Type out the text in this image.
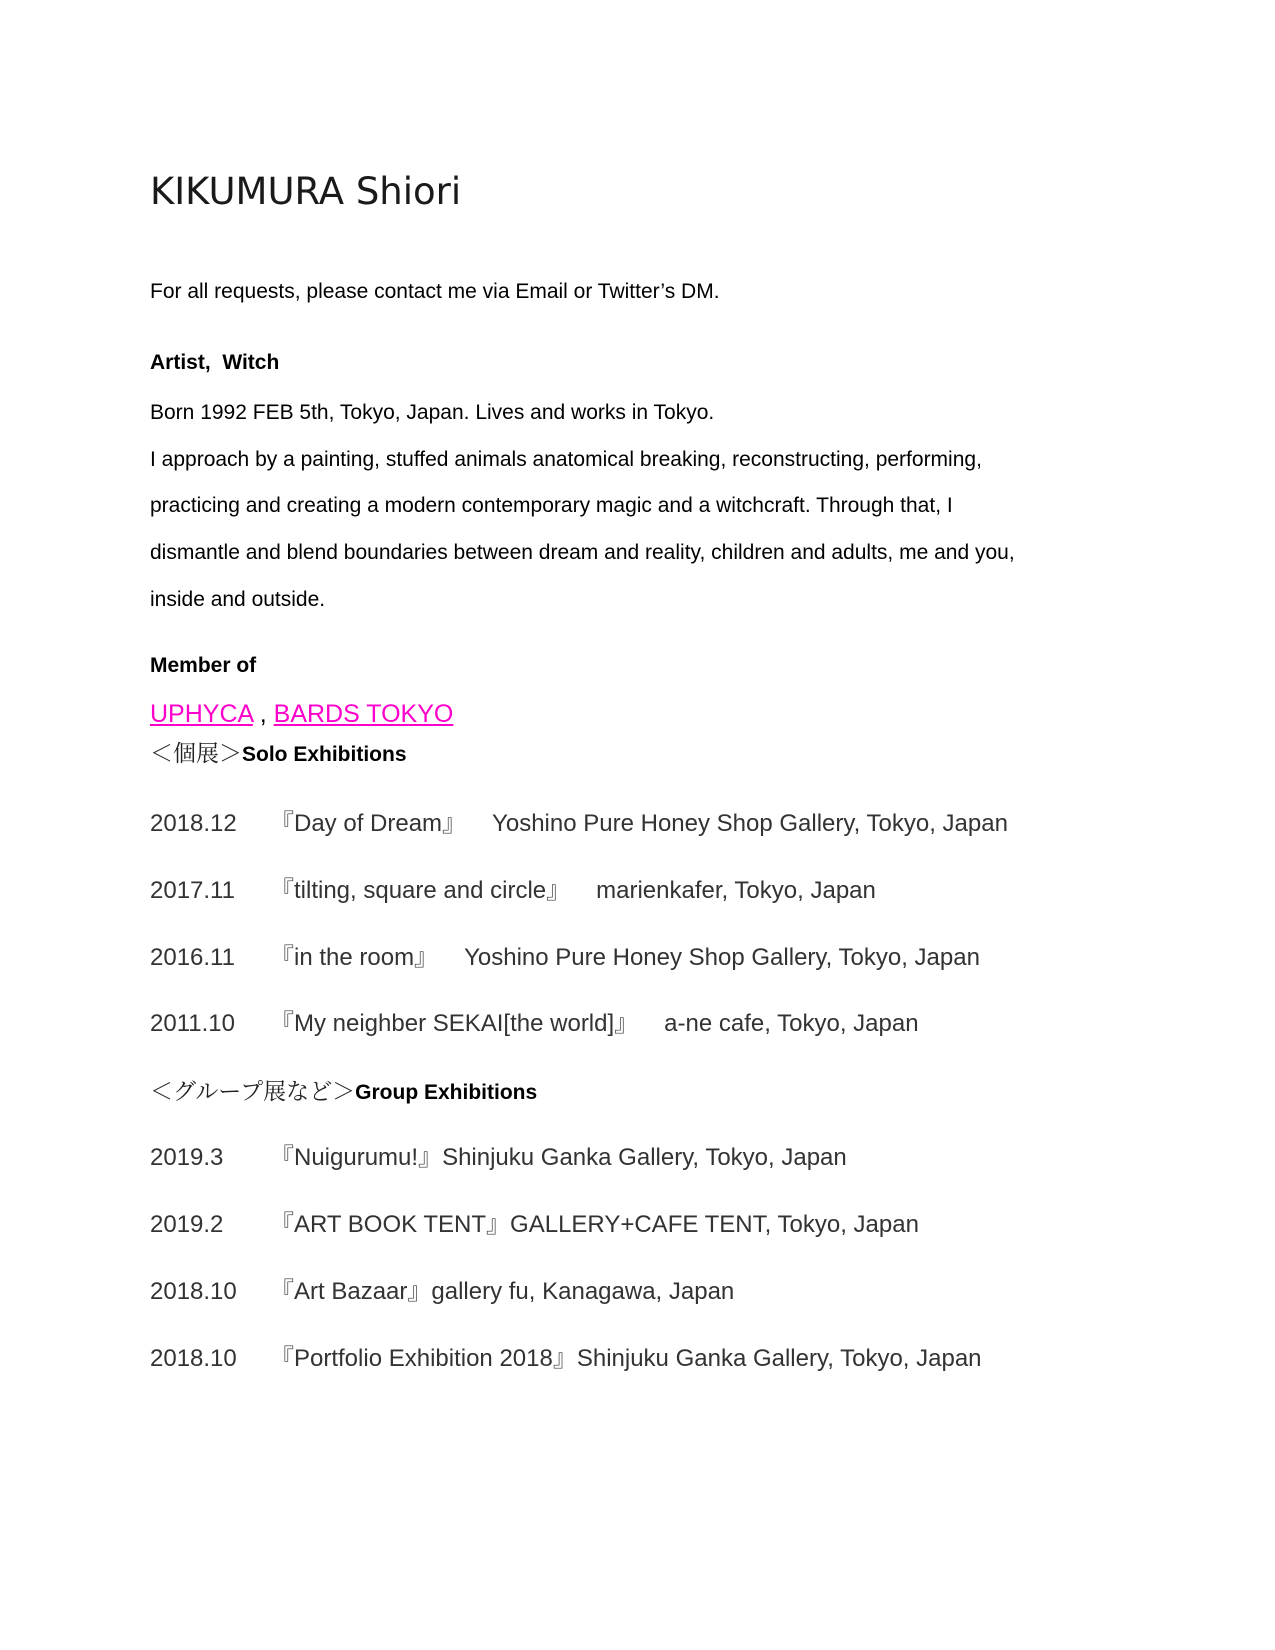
KIKUMURA Shiori
For all requests, please contact me via Email or Twitter’s DM.
Artist,  Witch

Born 1992 FEB 5th, Tokyo, Japan. Lives and works in Tokyo.

I approach by a painting, stuffed animals anatomical breaking, reconstructing, performing,

practicing and creating a modern contemporary magic and a witchcraft. Through that, I

dismantle and blend boundaries between dream and reality, children and adults, me and you,

inside and outside.

Member of
UPHYCA , BARDS TOKYO
＜個展＞Solo Exhibitions
2018.12 『Day of Dream』 Yoshino Pure Honey Shop Gallery, Tokyo, Japan
2017.11 『tilting, square and circle』 marienkafer, Tokyo, Japan
2016.11 『in the room』 Yoshino Pure Honey Shop Gallery, Tokyo, Japan
2011.10 『My neighber SEKAI[the world]』 a-ne cafe, Tokyo, Japan
＜グループ展など＞Group Exhibitions
2019.3 『Nuigurumu!』Shinjuku Ganka Gallery, Tokyo, Japan
2019.2 『ART BOOK TENT』GALLERY+CAFE TENT, Tokyo, Japan
2018.10 『Art Bazaar』gallery fu, Kanagawa, Japan
2018.10 『Portfolio Exhibition 2018』Shinjuku Ganka Gallery, Tokyo, Japan
